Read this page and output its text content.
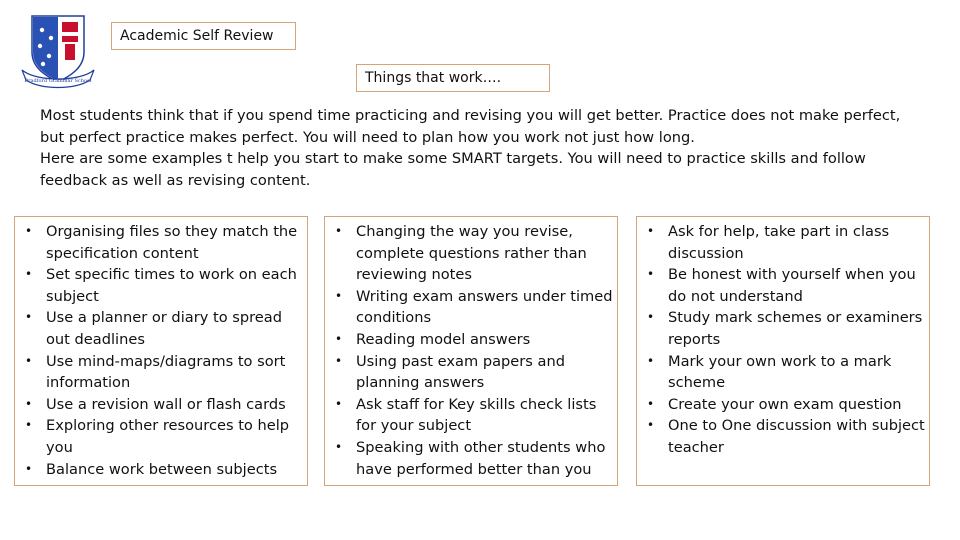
Bradford Grammar School
Academic Self Review
Things that work….

Most students think that if you spend time practicing and revising you will get better. Practice does not make perfect, but perfect practice makes perfect. You will need to plan how you work not just how long.

Here are some examples t help you start to make some SMART targets. You will need to practice skills and follow feedback as well as revising content.

• Organising files so they match the specification content
• Set specific times to work on each subject
• Use a planner or diary to spread out deadlines
• Use mind-maps/diagrams to sort information
• Use a revision wall or flash cards
• Exploring other resources to help you
• Balance work between subjects
• Changing the way you revise, complete questions rather than reviewing notes
• Writing exam answers under timed conditions
• Reading model answers
• Using past exam papers and planning answers
• Ask staff for Key skills check lists for your subject
• Speaking with other students who have performed better than you
• Ask for help, take part in class discussion
• Be honest with yourself when you do not understand
• Study mark schemes or examiners reports
• Mark your own work to a mark scheme
• Create your own exam question
• One to One discussion with subject teacher
